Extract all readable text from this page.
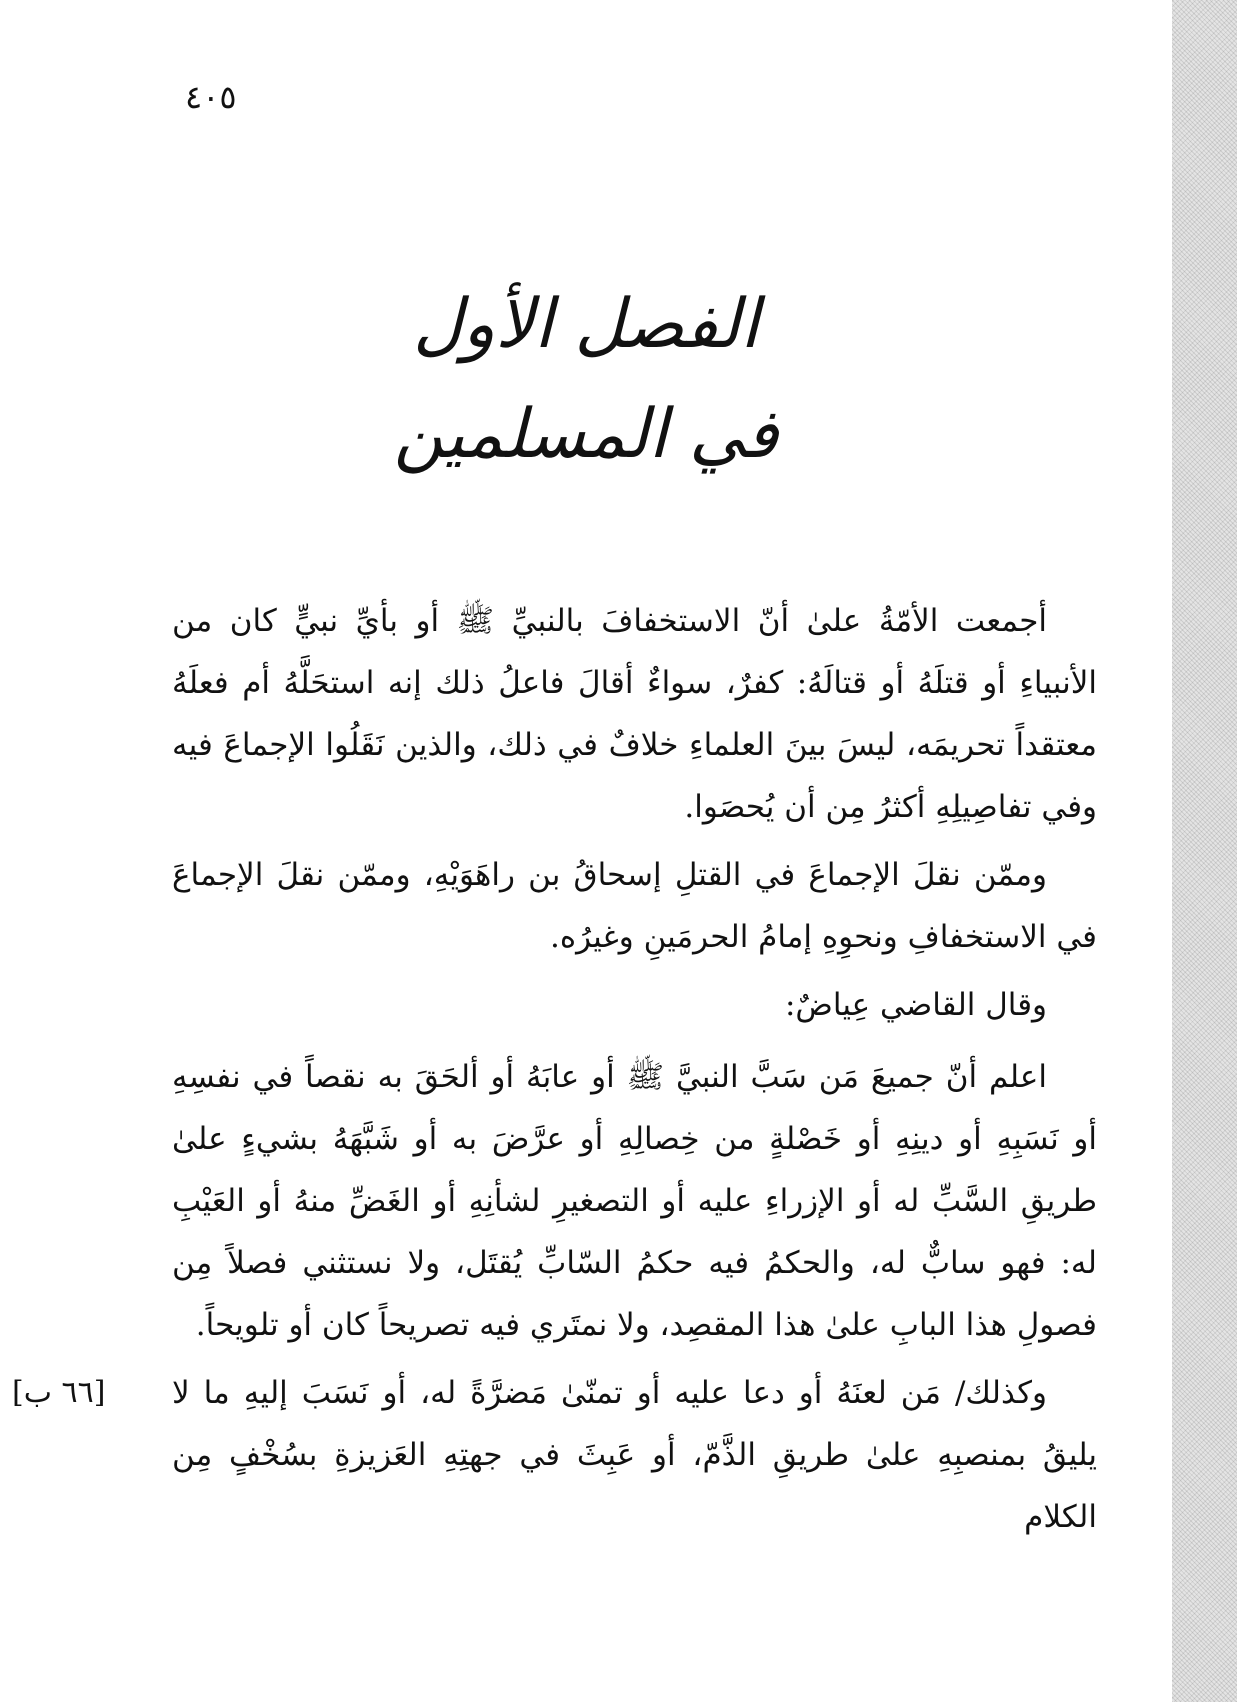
٤٠٥
الفصل الأول
في المسلمين

أجمعت الأمّةُ علىٰ أنّ الاستخفافَ بالنبيِّ ﷺ أو بأيِّ نبيٍّ كان من الأنبياءِ أو قتلَهُ أو قتالَهُ: كفرٌ، سواءٌ أقالَ فاعلُ ذلك إنه استحَلَّهُ أم فعلَهُ معتقداً تحريمَه، ليسَ بينَ العلماءِ خلافٌ في ذلك، والذين نَقَلُوا الإجماعَ فيه وفي تفاصِيلِهِ أكثرُ مِن أن يُحصَوا.

وممّن نقلَ الإجماعَ في القتلِ إسحاقُ بن راهَوَيْهِ، وممّن نقلَ الإجماعَ في الاستخفافِ ونحوِهِ إمامُ الحرمَينِ وغيرُه.

وقال القاضي عِياضٌ:

اعلم أنّ جميعَ مَن سَبَّ النبيَّ ﷺ أو عابَهُ أو ألحَقَ به نقصاً في نفسِهِ أو نَسَبِهِ أو دينِهِ أو خَصْلةٍ من خِصالِهِ أو عرَّضَ به أو شَبَّهَهُ بشيءٍ علىٰ طريقِ السَّبِّ له أو الإزراءِ عليه أو التصغيرِ لشأنِهِ أو الغَضِّ منهُ أو العَيْبِ له: فهو سابٌّ له، والحكمُ فيه حكمُ السّابِّ يُقتَل، ولا نستثني فصلاً مِن فصولِ هذا البابِ علىٰ هذا المقصِد، ولا نمتَري فيه تصريحاً كان أو تلويحاً.

وكذلك/ مَن لعنَهُ أو دعا عليه أو تمنّىٰ مَضرَّةً له، أو نَسَبَ إليهِ ما لا يليقُ بمنصبِهِ علىٰ طريقِ الذَّمّ، أو عَبِثَ في جهتِهِ العَزيزةِ بسُخْفٍ مِن الكلام
[٦٦ ب]
